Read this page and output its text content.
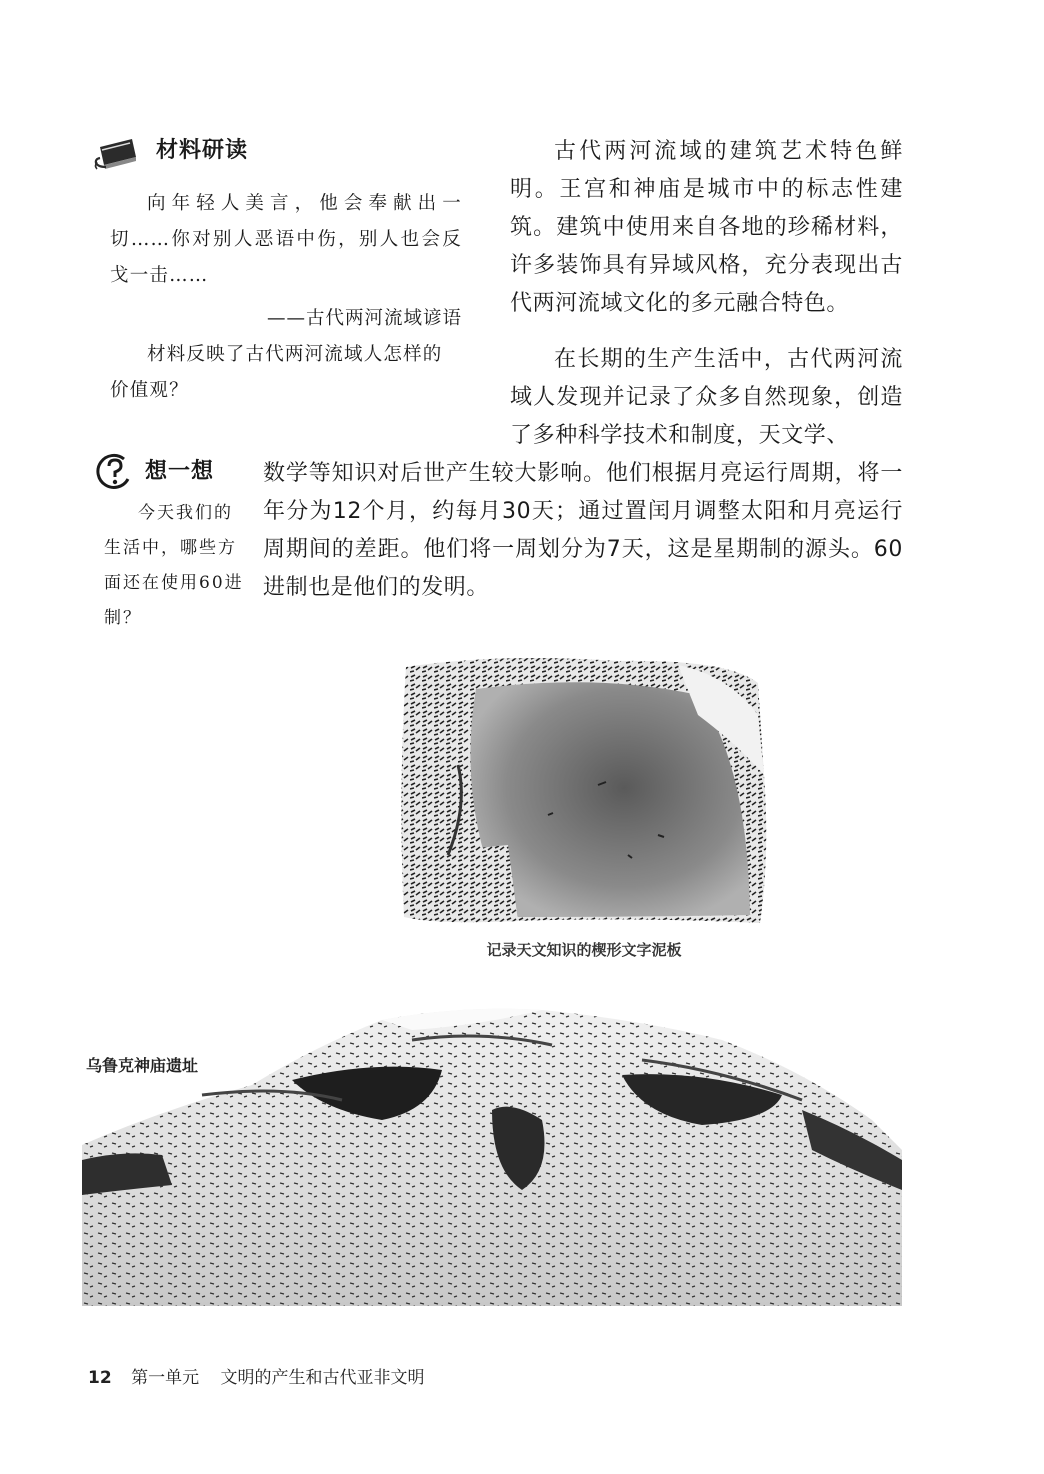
材料研读
向年轻人美言，他会奉献出一切……你对别人恶语中伤，别人也会反戈一击……
——古代两河流域谚语
材料反映了古代两河流域人怎样的价值观？
想一想
今天我们的生活中，哪些方面还在使用60进制？
古代两河流域的建筑艺术特色鲜明。王宫和神庙是城市中的标志性建筑。建筑中使用来自各地的珍稀材料，许多装饰具有异域风格，充分表现出古代两河流域文化的多元融合特色。
在长期的生产生活中，古代两河流域人发现并记录了众多自然现象，创造了多种科学技术和制度，天文学、
数学等知识对后世产生较大影响。他们根据月亮运行周期，将一年分为12个月，约每月30天；通过置闰月调整太阳和月亮运行周期间的差距。他们将一周划分为7天，这是星期制的源头。60进制也是他们的发明。
记录天文知识的楔形文字泥板
乌鲁克神庙遗址
12 第一单元 文明的产生和古代亚非文明
